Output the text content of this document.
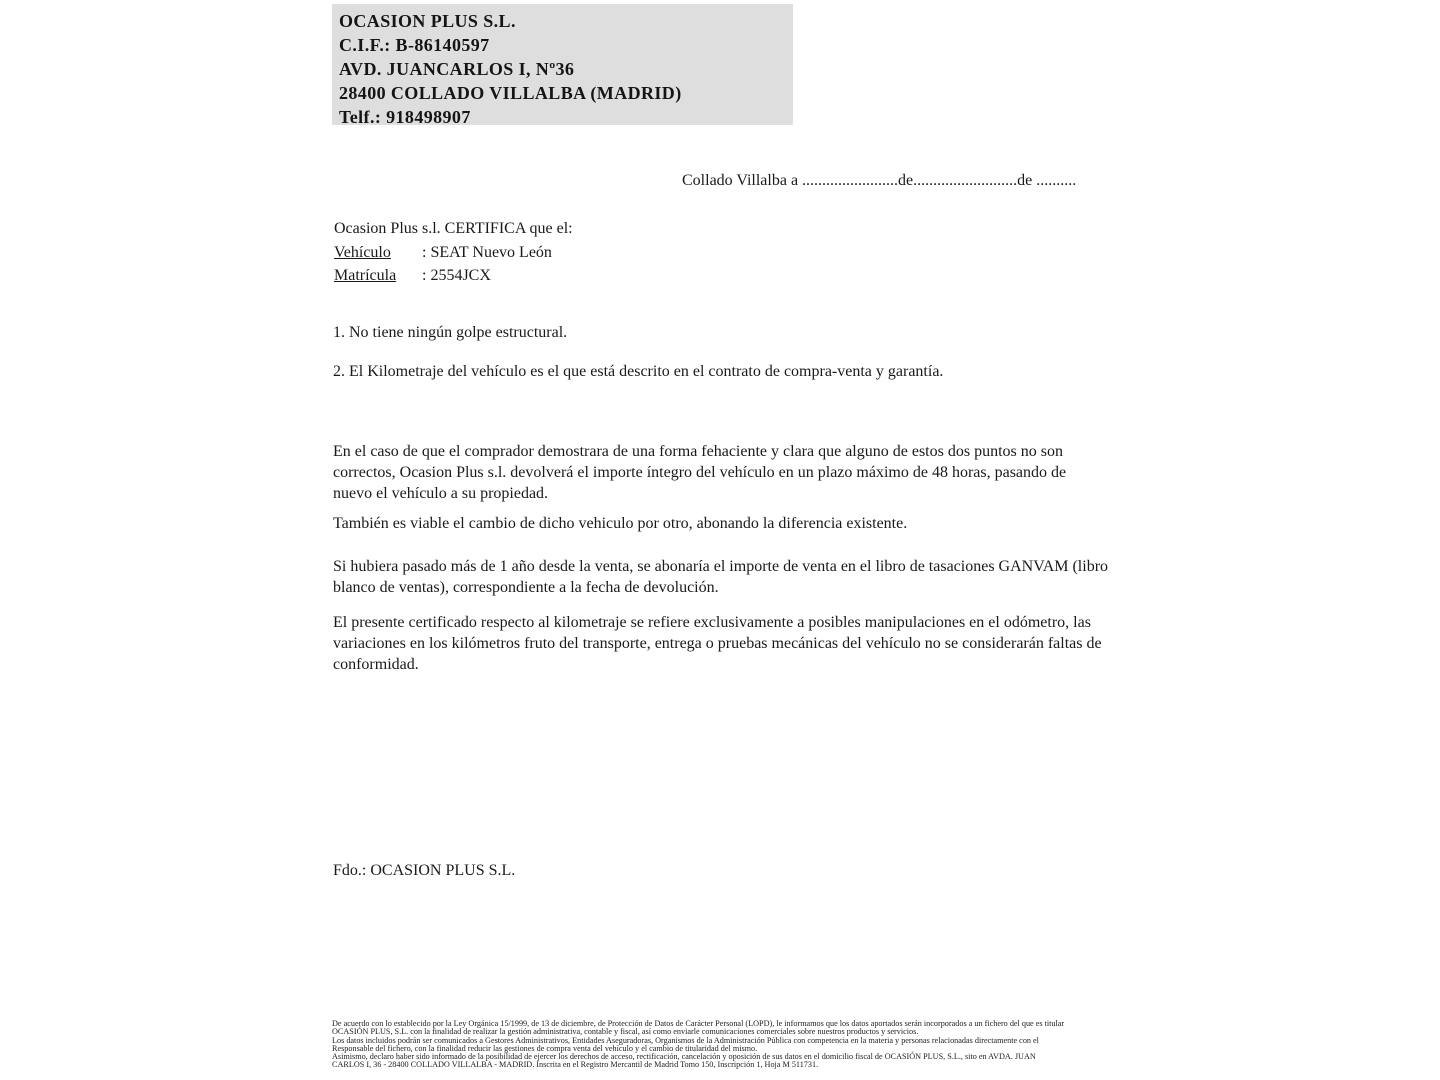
OCASION PLUS S.L.
C.I.F.: B-86140597
AVD. JUANCARLOS I, Nº36
28400 COLLADO VILLALBA (MADRID)
Telf.: 918498907
Collado Villalba a ........................de..........................de ..........
Ocasion Plus s.l. CERTIFICA que el:
Vehículo : SEAT Nuevo León
Matrícula : 2554JCX

1. No tiene ningún golpe estructural.

2. El Kilometraje del vehículo es el que está descrito en el contrato de compra-venta y garantía.

En el caso de que el comprador demostrara de una forma fehaciente y clara que alguno de estos dos puntos no son correctos, Ocasion Plus s.l. devolverá el importe íntegro del vehículo en un plazo máximo de 48 horas, pasando de nuevo el vehículo a su propiedad.

También es viable el cambio de dicho vehiculo por otro, abonando la diferencia existente.

Si hubiera pasado más de 1 año desde la venta, se abonaría el importe de venta en el libro de tasaciones GANVAM (libro blanco de ventas), correspondiente a la fecha de devolución.

El presente certificado respecto al kilometraje se refiere exclusivamente a posibles manipulaciones en el odómetro, las variaciones en los kilómetros fruto del transporte, entrega o pruebas mecánicas del vehículo no se considerarán faltas de conformidad.

Fdo.: OCASION PLUS S.L.
De acuerdo con lo establecido por la Ley Orgánica 15/1999, de 13 de diciembre, de Protección de Datos de Carácter Personal (LOPD), le informamos que los datos aportados serán incorporados a un fichero del que es titular
OCASIÓN PLUS, S.L. con la finalidad de realizar la gestión administrativa, contable y fiscal, así como enviarle comunicaciones comerciales sobre nuestros productos y servicios.
Los datos incluidos podrán ser comunicados a Gestores Administrativos, Entidades Aseguradoras, Organismos de la Administración Pública con competencia en la materia y personas relacionadas directamente con el
Responsable del fichero, con la finalidad reducir las gestiones de compra venta del vehículo y el cambio de titularidad del mismo.
Asimismo, declaro haber sido informado de la posibilidad de ejercer los derechos de acceso, rectificación, cancelación y oposición de sus datos en el domicilio fiscal de OCASIÓN PLUS, S.L., sito en AVDA. JUAN
CARLOS I, 36 - 28400 COLLADO VILLALBA - MADRID. Inscrita en el Registro Mercantil de Madrid Tomo 150, Inscripción 1, Hoja M 511731.
